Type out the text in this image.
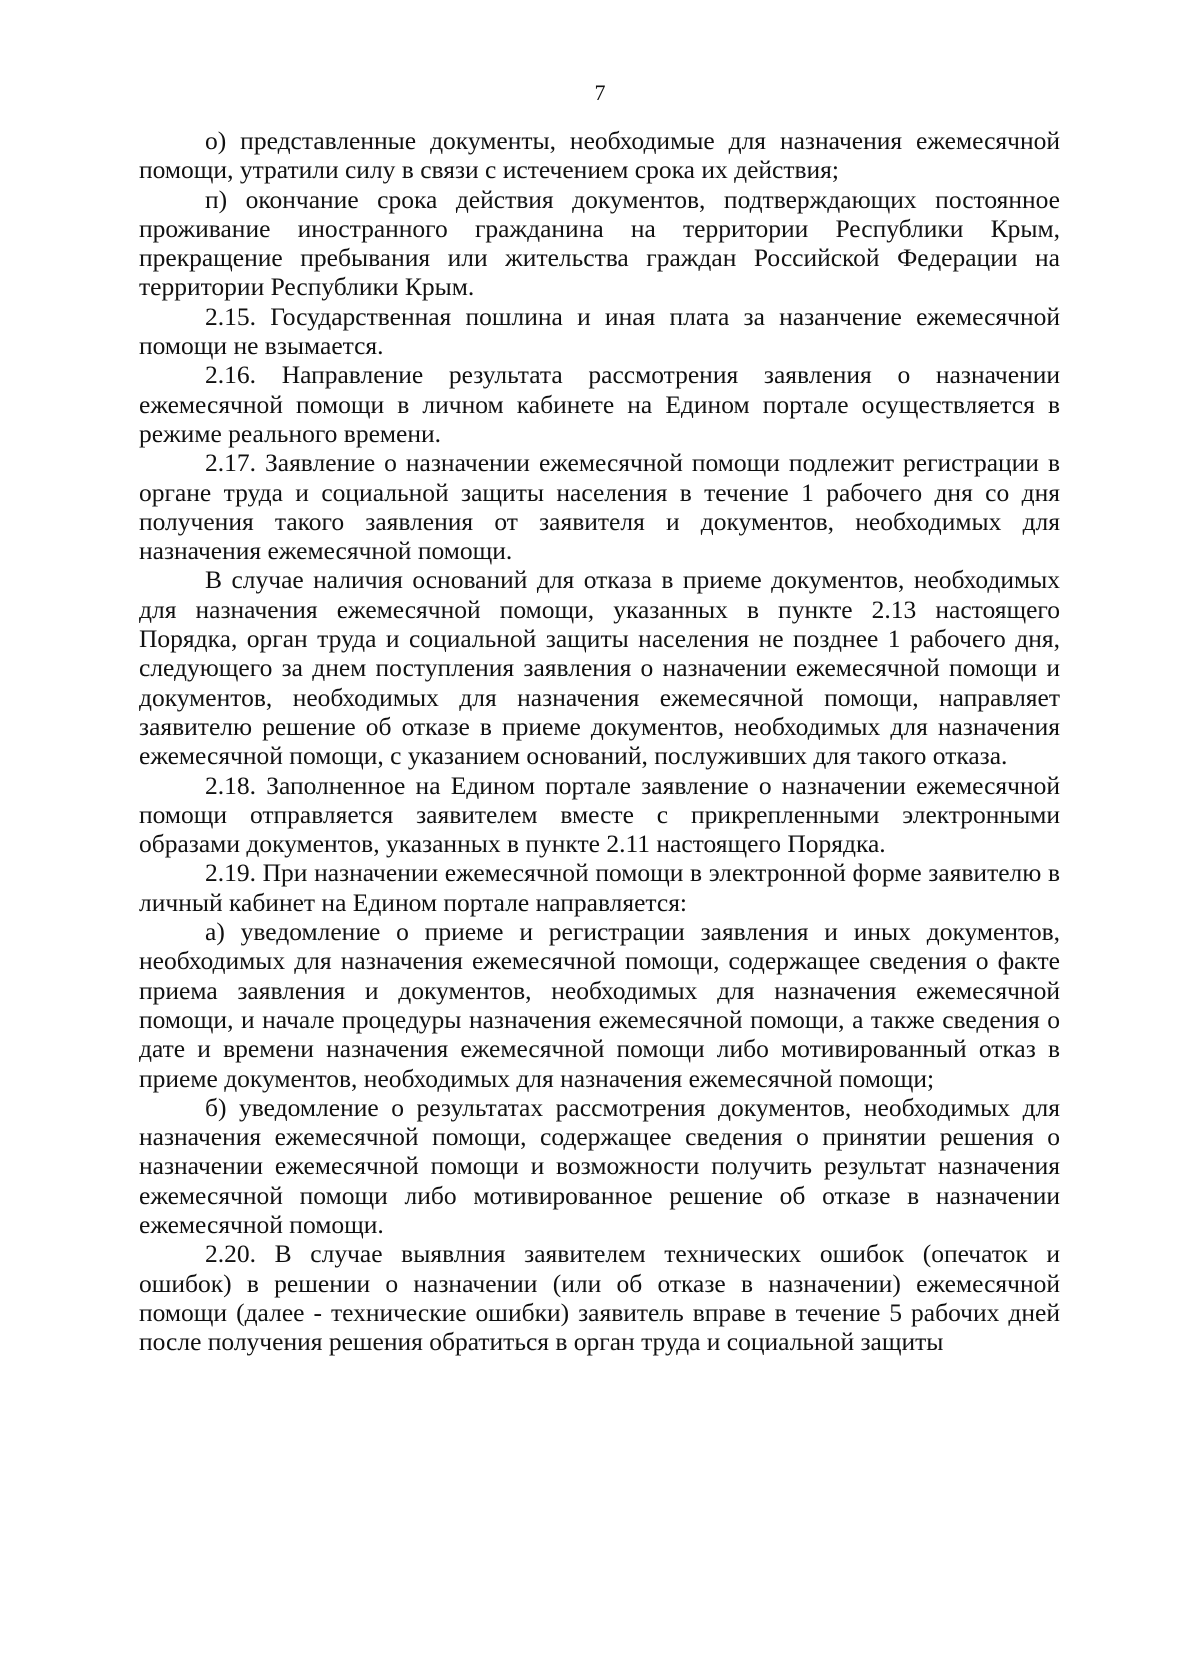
7

о) представленные документы, необходимые для назначения ежемесячной помощи, утратили силу в связи с истечением срока их действия;

п) окончание срока действия документов, подтверждающих постоянное проживание иностранного гражданина на территории Республики Крым, прекращение пребывания или жительства граждан Российской Федерации на территории Республики Крым.

2.15. Государственная пошлина и иная плата за назанчение ежемесячной помощи не взымается.

2.16. Направление результата рассмотрения заявления о назначении ежемесячной помощи в личном кабинете на Едином портале осуществляется в режиме реального времени.

2.17. Заявление о назначении ежемесячной помощи подлежит регистрации в органе труда и социальной защиты населения в течение 1 рабочего дня со дня получения такого заявления от заявителя и документов, необходимых для назначения ежемесячной помощи.

В случае наличия оснований для отказа в приеме документов, необходимых для назначения ежемесячной помощи, указанных в пункте 2.13 настоящего Порядка, орган труда и социальной защиты населения не позднее 1 рабочего дня, следующего за днем поступления заявления о назначении ежемесячной помощи и документов, необходимых для назначения ежемесячной помощи, направляет заявителю решение об отказе в приеме документов, необходимых для назначения ежемесячной помощи, с указанием оснований, послуживших для такого отказа.

2.18. Заполненное на Едином портале заявление о назначении ежемесячной помощи отправляется заявителем вместе с прикрепленными электронными образами документов, указанных в пункте 2.11 настоящего Порядка.

2.19. При назначении ежемесячной помощи в электронной форме заявителю в личный кабинет на Едином портале направляется:

а) уведомление о приеме и регистрации заявления и иных документов, необходимых для назначения ежемесячной помощи, содержащее сведения о факте приема заявления и документов, необходимых для назначения ежемесячной помощи, и начале процедуры назначения ежемесячной помощи, а также сведения о дате и времени назначения ежемесячной помощи либо мотивированный отказ в приеме документов, необходимых для назначения ежемесячной помощи;

б) уведомление о результатах рассмотрения документов, необходимых для назначения ежемесячной помощи, содержащее сведения о принятии решения о назначении ежемесячной помощи и возможности получить результат назначения ежемесячной помощи либо мотивированное решение об отказе в назначении ежемесячной помощи.

2.20. В случае выявлния заявителем технических ошибок (опечаток и ошибок) в решении о назначении (или об отказе в назначении) ежемесячной помощи (далее - технические ошибки) заявитель вправе в течение 5 рабочих дней после получения решения обратиться в орган труда и социальной защиты
